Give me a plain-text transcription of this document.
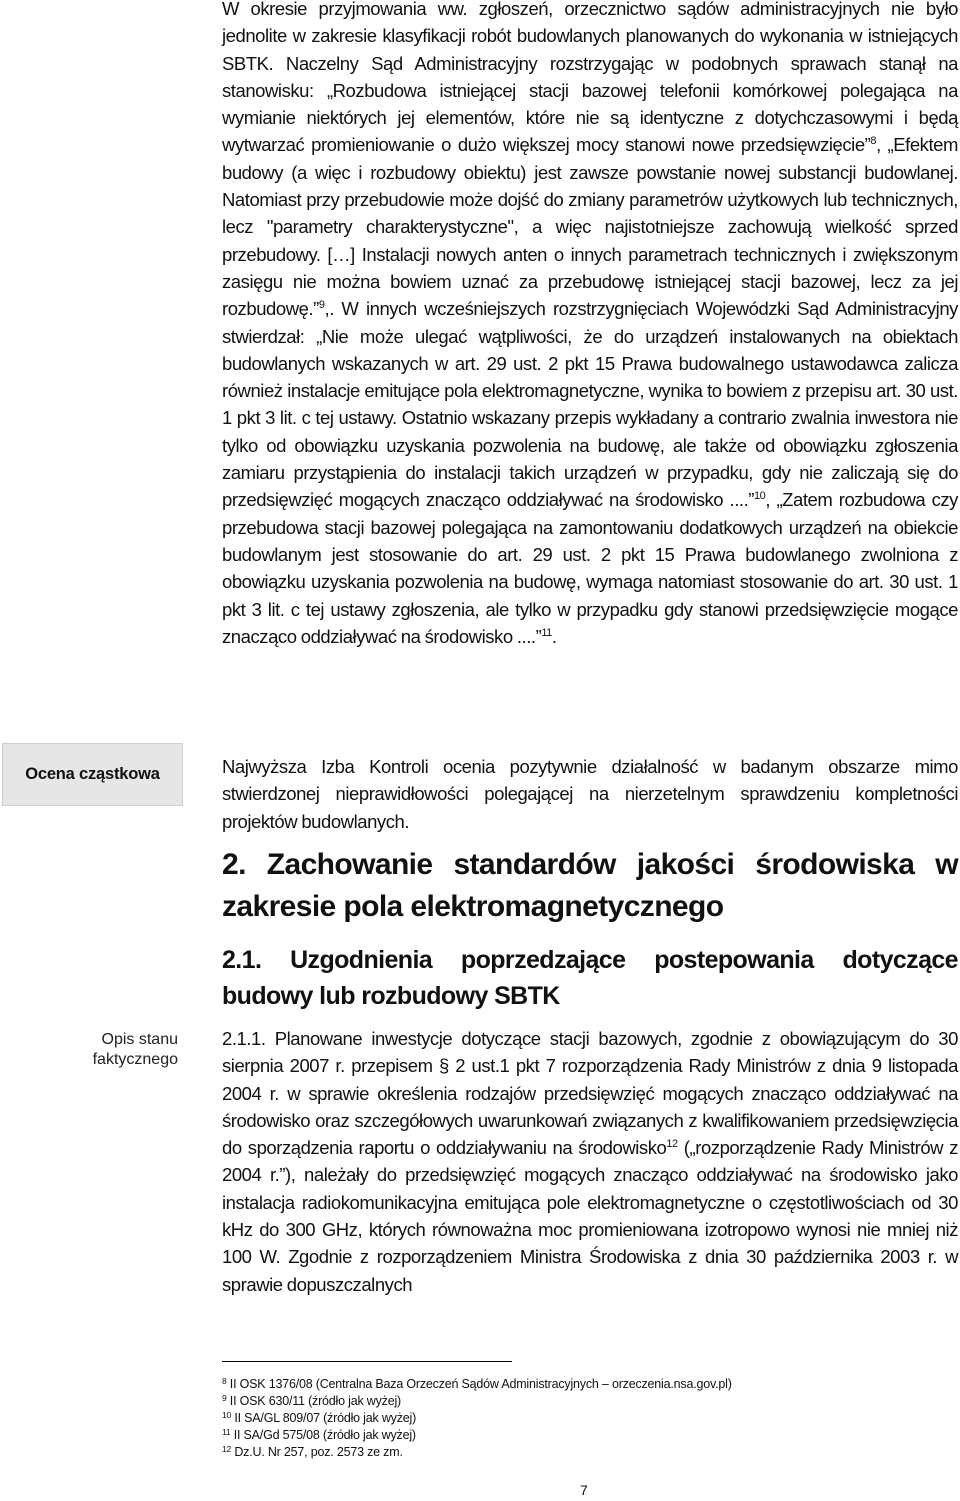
Ocena cząstkowa
Opis stanu
faktycznego

W okresie przyjmowania ww. zgłoszeń, orzecznictwo sądów administracyjnych nie było jednolite w zakresie klasyfikacji robót budowlanych planowanych do wykonania w istniejących SBTK. Naczelny Sąd Administracyjny rozstrzygając w podobnych sprawach stanął na stanowisku: „Rozbudowa istniejącej stacji bazowej telefonii komórkowej polegająca na wymianie niektórych jej elementów, które nie są identyczne z dotychczasowymi i będą wytwarzać promieniowanie o dużo większej mocy stanowi nowe przedsięwzięcie”$^8$, „Efektem budowy (a więc i rozbudowy obiektu) jest zawsze powstanie nowej substancji budowlanej. Natomiast przy przebudowie może dojść do zmiany parametrów użytkowych lub technicznych, lecz "parametry charakterystyczne", a więc najistotniejsze zachowują wielkość sprzed przebudowy. […] Instalacji nowych anten o innych parametrach technicznych i zwiększonym zasięgu nie można bowiem uznać za przebudowę istniejącej stacji bazowej, lecz za jej rozbudowę.”$^9$,. W innych wcześniejszych rozstrzygnięciach Wojewódzki Sąd Administracyjny stwierdzał: „Nie może ulegać wątpliwości, że do urządzeń instalowanych na obiektach budowlanych wskazanych w art. 29 ust. 2 pkt 15 Prawa budowalnego ustawodawca zalicza również instalacje emitujące pola elektromagnetyczne, wynika to bowiem z przepisu art. 30 ust. 1 pkt 3 lit. c tej ustawy. Ostatnio wskazany przepis wykładany a contrario zwalnia inwestora nie tylko od obowiązku uzyskania pozwolenia na budowę, ale także od obowiązku zgłoszenia zamiaru przystąpienia do instalacji takich urządzeń w przypadku, gdy nie zaliczają się do przedsięwzięć mogących znacząco oddziaływać na środowisko ....”$^{10}$, „Zatem rozbudowa czy przebudowa stacji bazowej polegająca na zamontowaniu dodatkowych urządzeń na obiekcie budowlanym jest stosowanie do art. 29 ust. 2 pkt 15 Prawa budowlanego zwolniona z obowiązku uzyskania pozwolenia na budowę, wymaga natomiast stosowanie do art. 30 ust. 1 pkt 3 lit. c tej ustawy zgłoszenia, ale tylko w przypadku gdy stanowi przedsięwzięcie mogące znacząco oddziaływać na środowisko ....”$^{11}$.

Najwyższa Izba Kontroli ocenia pozytywnie działalność w badanym obszarze mimo stwierdzonej nieprawidłowości polegającej na nierzetelnym sprawdzeniu kompletności projektów budowlanych.

2. Zachowanie standardów jakości środowiska w zakresie pola elektromagnetycznego
2.1. Uzgodnienia poprzedzające postepowania dotyczące budowy lub rozbudowy SBTK

2.1.1. Planowane inwestycje dotyczące stacji bazowych, zgodnie z obowiązującym do 30 sierpnia 2007 r. przepisem § 2 ust.1 pkt 7 rozporządzenia Rady Ministrów z dnia 9 listopada 2004 r. w sprawie określenia rodzajów przedsięwzięć mogących znacząco oddziaływać na środowisko oraz szczegółowych uwarunkowań związanych z kwalifikowaniem przedsięwzięcia do sporządzenia raportu o oddziaływaniu na środowisko$^{12}$ („rozporządzenie Rady Ministrów z 2004 r.”), należały do przedsięwzięć mogących znacząco oddziaływać na środowisko jako instalacja radiokomunikacyjna emitująca pole elektromagnetyczne o częstotliwościach od 30 kHz do 300 GHz, których równoważna moc promieniowana izotropowo wynosi nie mniej niż 100 W. Zgodnie z rozporządzeniem Ministra Środowiska z dnia 30 października 2003 r. w sprawie dopuszczalnych

$^8$ II OSK 1376/08 (Centralna Baza Orzeczeń Sądów Administracyjnych – orzeczenia.nsa.gov.pl)
$^9$ II OSK 630/11 (źródło jak wyżej)
$^{10}$ II SA/GL 809/07 (źródło jak wyżej)
$^{11}$ II SA/Gd 575/08 (źródło jak wyżej)
$^{12}$ Dz.U. Nr 257, poz. 2573 ze zm.
7
